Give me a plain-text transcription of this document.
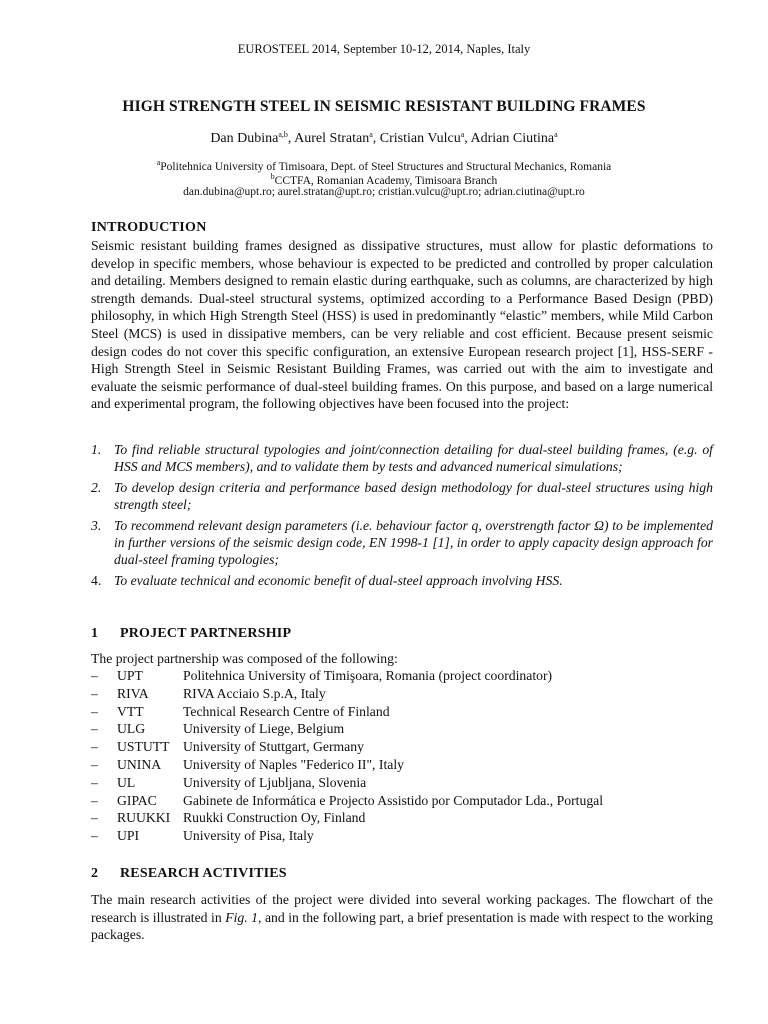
EUROSTEEL 2014, September 10-12, 2014, Naples, Italy
HIGH STRENGTH STEEL IN SEISMIC RESISTANT BUILDING FRAMES
Dan Dubina$^{a,b}$, Aurel Stratan$^a$, Cristian Vulcu$^a$, Adrian Ciutina$^a$
$^a$Politehnica University of Timisoara, Dept. of Steel Structures and Structural Mechanics, Romania
$^b$CCTFA, Romanian Academy, Timisoara Branch
dan.dubina@upt.ro; aurel.stratan@upt.ro; cristian.vulcu@upt.ro; adrian.ciutina@upt.ro
INTRODUCTION
Seismic resistant building frames designed as dissipative structures, must allow for plastic deformations to develop in specific members, whose behaviour is expected to be predicted and controlled by proper calculation and detailing. Members designed to remain elastic during earthquake, such as columns, are characterized by high strength demands. Dual-steel structural systems, optimized according to a Performance Based Design (PBD) philosophy, in which High Strength Steel (HSS) is used in predominantly “elastic” members, while Mild Carbon Steel (MCS) is used in dissipative members, can be very reliable and cost efficient. Because present seismic design codes do not cover this specific configuration, an extensive European research project [1], HSS-SERF - High Strength Steel in Seismic Resistant Building Frames, was carried out with the aim to investigate and evaluate the seismic performance of dual-steel building frames. On this purpose, and based on a large numerical and experimental program, the following objectives have been focused into the project:
1. To find reliable structural typologies and joint/connection detailing for dual-steel building frames, (e.g. of HSS and MCS members), and to validate them by tests and advanced numerical simulations;
2. To develop design criteria and performance based design methodology for dual-steel structures using high strength steel;
3. To recommend relevant design parameters (i.e. behaviour factor q, overstrength factor Ω) to be implemented in further versions of the seismic design code, EN 1998-1 [1], in order to apply capacity design approach for dual-steel framing typologies;
4. To evaluate technical and economic benefit of dual-steel approach involving HSS.
1 PROJECT PARTNERSHIP
The project partnership was composed of the following:
–	UPT	Politehnica University of Timişoara, Romania (project coordinator)
–	RIVA	RIVA Acciaio S.p.A, Italy
–	VTT	Technical Research Centre of Finland
–	ULG	University of Liege, Belgium
–	USTUTT University of Stuttgart, Germany
–	UNINA	University of Naples "Federico II", Italy
–	UL	University of Ljubljana, Slovenia
–	GIPAC	Gabinete de Informática e Projecto Assistido por Computador Lda., Portugal
–	RUUKKI Ruukki Construction Oy, Finland
–	UPI	University of Pisa, Italy
2 RESEARCH ACTIVITIES
The main research activities of the project were divided into several working packages. The flowchart of the research is illustrated in Fig. 1, and in the following part, a brief presentation is made with respect to the working packages.
